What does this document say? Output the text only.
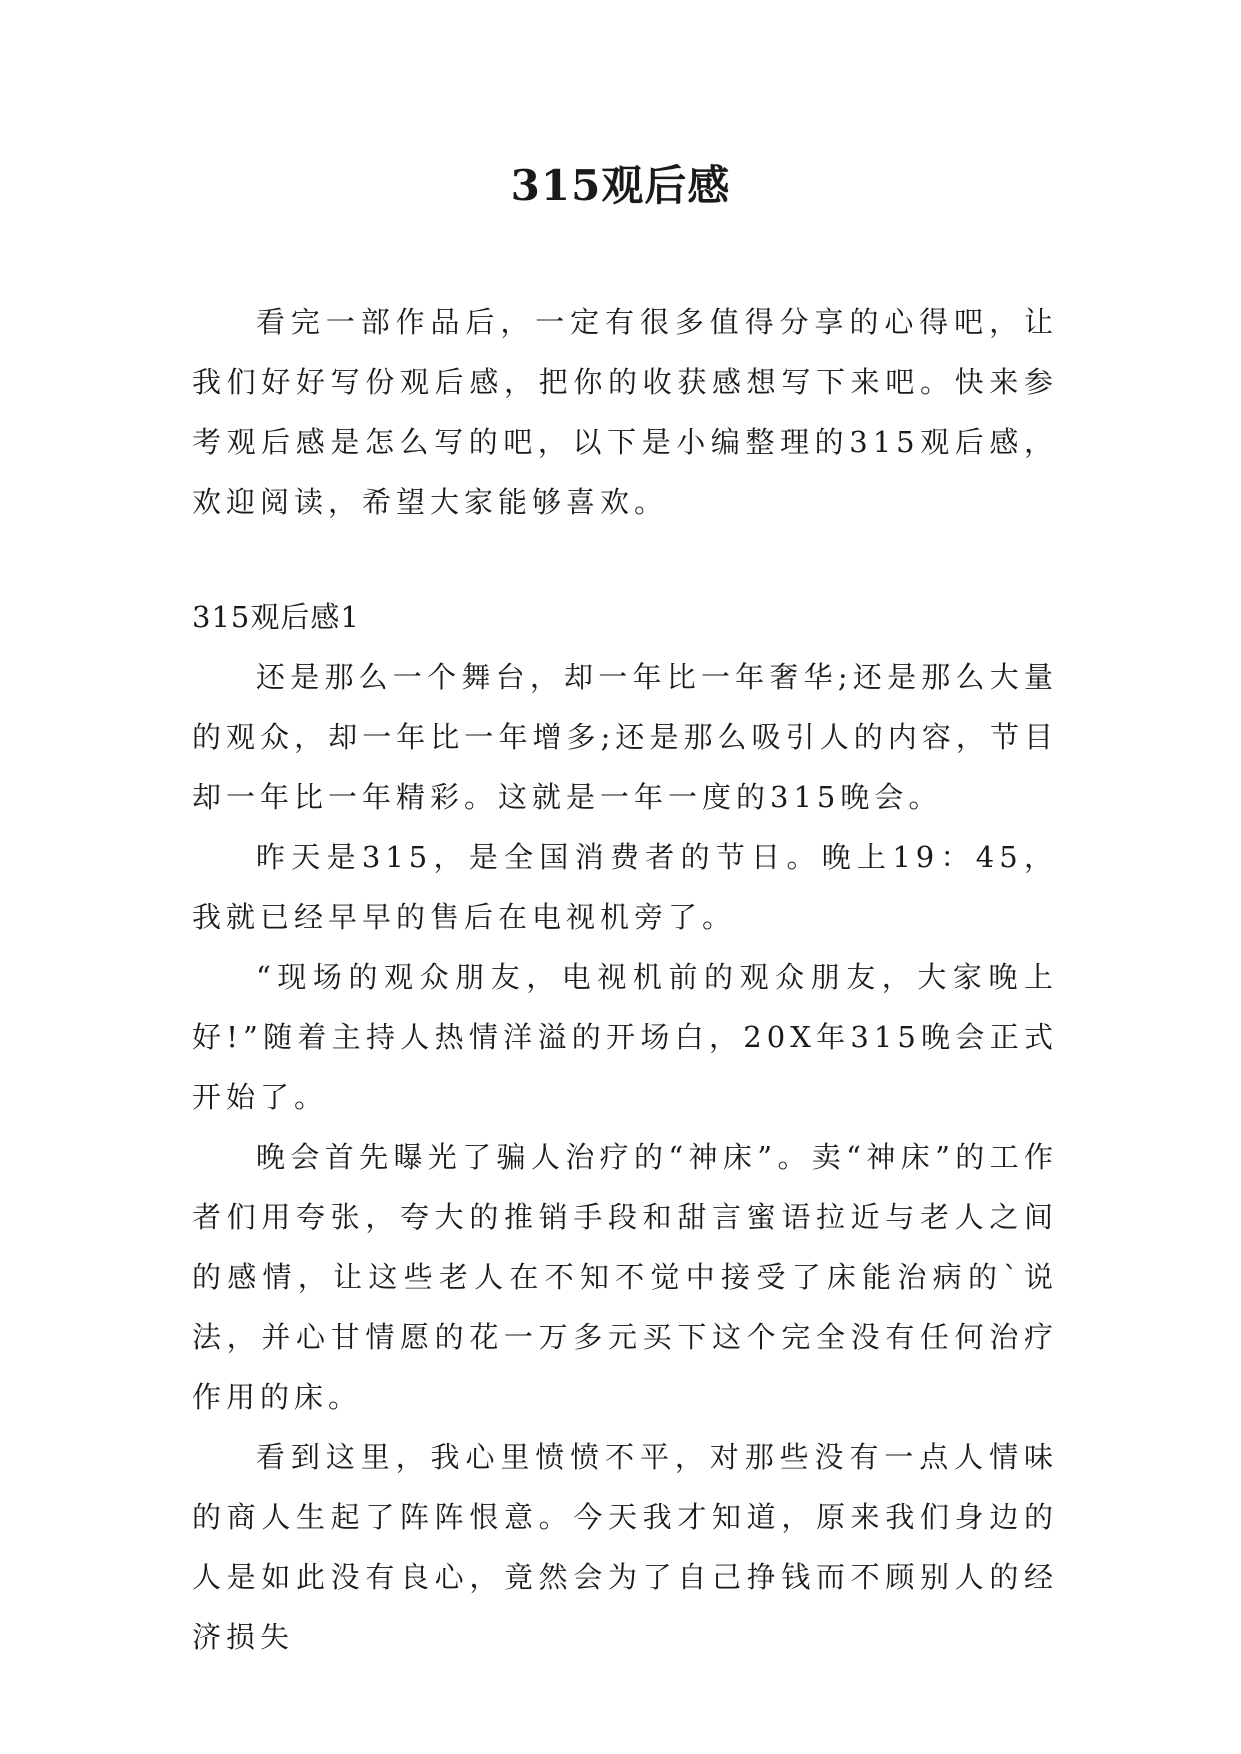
315观后感

看完一部作品后，一定有很多值得分享的心得吧，让我们好好写份观后感，把你的收获感想写下来吧。快来参考观后感是怎么写的吧，以下是小编整理的315观后感，欢迎阅读，希望大家能够喜欢。

315观后感1

还是那么一个舞台，却一年比一年奢华;还是那么大量的观众，却一年比一年增多;还是那么吸引人的内容，节目却一年比一年精彩。这就是一年一度的315晚会。

昨天是315，是全国消费者的节日。晚上19：45，我就已经早早的售后在电视机旁了。

“现场的观众朋友，电视机前的观众朋友，大家晚上好!”随着主持人热情洋溢的开场白，20X年315晚会正式开始了。

晚会首先曝光了骗人治疗的“神床”。卖“神床”的工作者们用夸张，夸大的推销手段和甜言蜜语拉近与老人之间的感情，让这些老人在不知不觉中接受了床能治病的`说法，并心甘情愿的花一万多元买下这个完全没有任何治疗作用的床。

看到这里，我心里愤愤不平，对那些没有一点人情味的商人生起了阵阵恨意。今天我才知道，原来我们身边的人是如此没有良心，竟然会为了自己挣钱而不顾别人的经济损失
